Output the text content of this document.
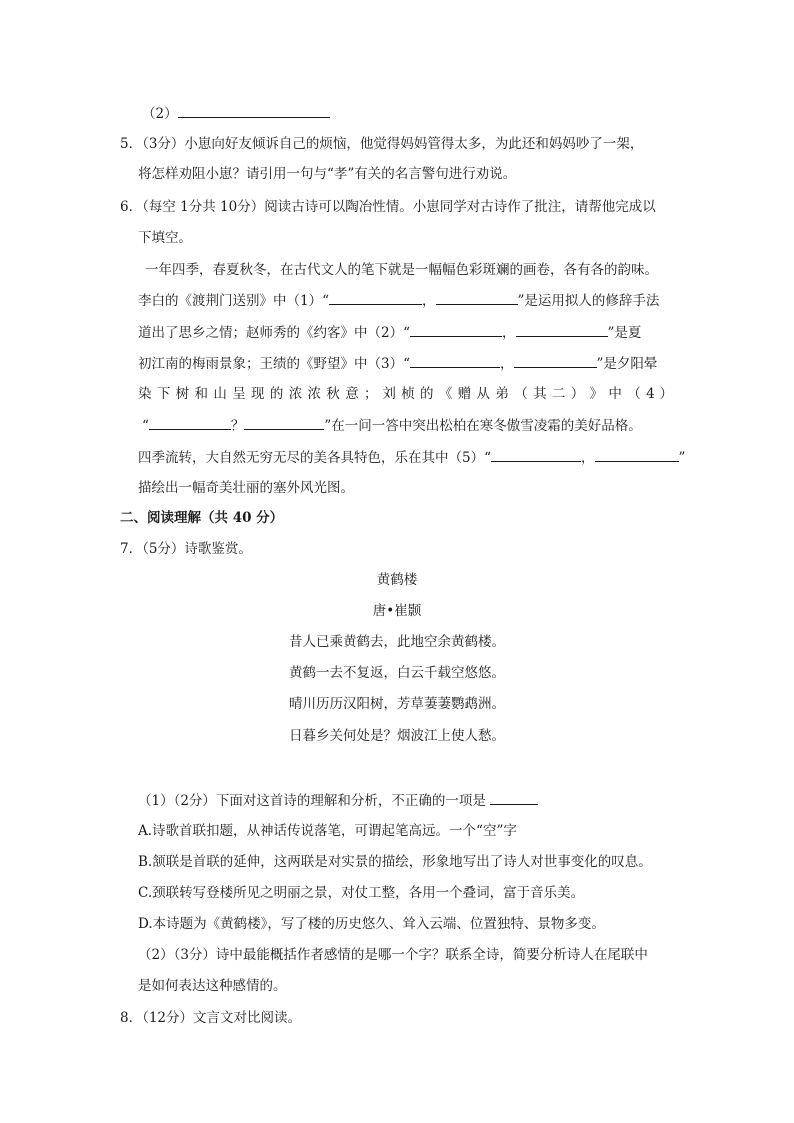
（2）
5．（3分）小崽向好友倾诉自己的烦恼，他觉得妈妈管得太多，为此还和妈妈吵了一架，
将怎样劝阻小崽？请引用一句与“孝”有关的名言警句进行劝说。
6．（每空 1分共 10分）阅读古诗可以陶冶性情。小崽同学对古诗作了批注，请帮他完成以
下填空。
一年四季，春夏秋冬，在古代文人的笔下就是一幅幅色彩斑斓的画卷，各有各的韵味。
李白的《渡荆门送别》中（1）“	，	”是运用拟人的修辞手法
道出了思乡之情；赵师秀的《约客》中（2）“	，	”是夏
初江南的梅雨景象；王绩的《野望》中（3）“	，	”是夕阳晕
染 下 树 和 山 呈 现 的 浓 浓 秋 意 ； 刘 桢 的 《 赠 从 弟 （ 其 二 ） 》 中 （ 4 ）
“	？	”在一问一答中突出松柏在寒冬傲雪凌霜的美好品格。
四季流转，大自然无穷无尽的美各具特色，乐在其中（5）“	，	”
描绘出一幅奇美壮丽的塞外风光图。
二、阅读理解（共 40 分）
7．（5分）诗歌鉴赏。
黄鹤楼
唐•崔颢
昔人已乘黄鹤去，此地空余黄鹤楼。
黄鹤一去不复返，白云千载空悠悠。
晴川历历汉阳树，芳草萋萋鹦鹉洲。
日暮乡关何处是？烟波江上使人愁。
（1）（2分）下面对这首诗的理解和分析，不正确的一项是
A.诗歌首联扣题，从神话传说落笔，可谓起笔高远。一个“空”字
B.颔联是首联的延伸，这两联是对实景的描绘，形象地写出了诗人对世事变化的叹息。
C.颈联转写登楼所见之明丽之景，对仗工整，各用一个叠词，富于音乐美。
D.本诗题为《黄鹤楼》，写了楼的历史悠久、耸入云端、位置独特、景物多变。
（2）（3分）诗中最能概括作者感情的是哪一个字？联系全诗，简要分析诗人在尾联中
是如何表达这种感情的。
8．（12分）文言文对比阅读。
